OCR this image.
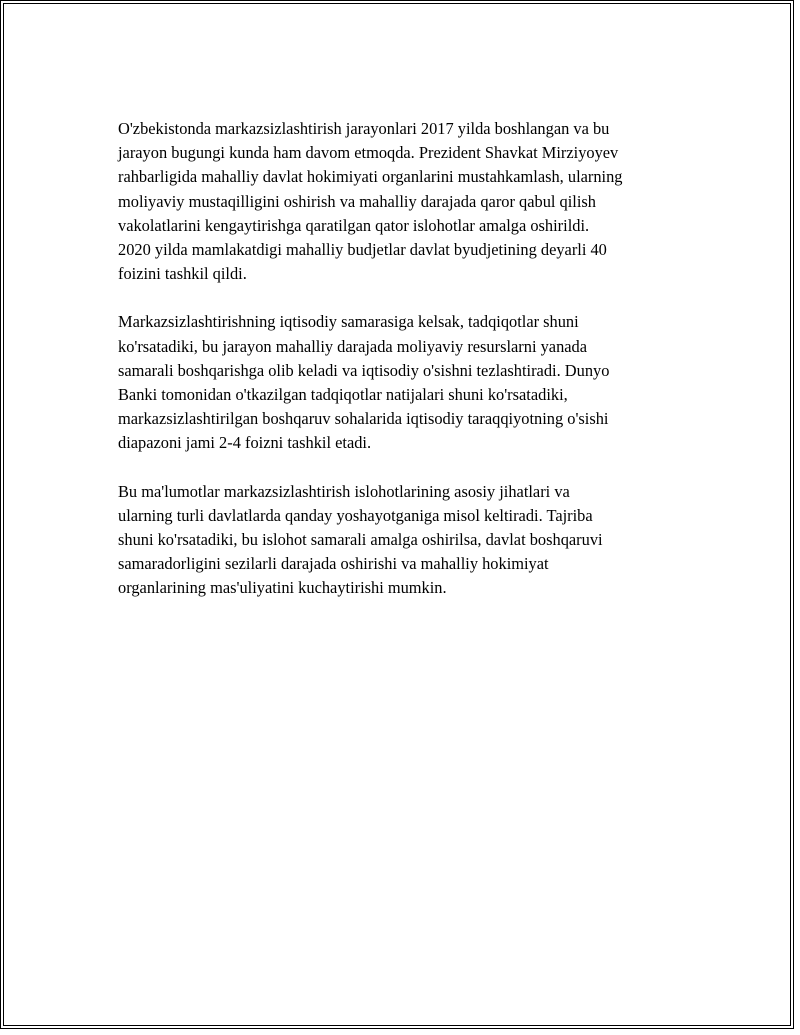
O'zbekistonda markazsizlashtirish jarayonlari 2017 yilda boshlangan va bu
jarayon bugungi kunda ham davom etmoqda. Prezident Shavkat Mirziyoyev
rahbarligida mahalliy davlat hokimiyati organlarini mustahkamlash, ularning
moliyaviy mustaqilligini oshirish va mahalliy darajada qaror qabul qilish
vakolatlarini kengaytirishga qaratilgan qator islohotlar amalga oshirildi.
2020 yilda mamlakatdigi mahalliy budjetlar davlat byudjetining deyarli 40
foizini tashkil qildi.

Markazsizlashtirishning iqtisodiy samarasiga kelsak, tadqiqotlar shuni
ko'rsatadiki, bu jarayon mahalliy darajada moliyaviy resurslarni yanada
samarali boshqarishga olib keladi va iqtisodiy o'sishni tezlashtiradi. Dunyo
Banki tomonidan o'tkazilgan tadqiqotlar natijalari shuni ko'rsatadiki,
markazsizlashtirilgan boshqaruv sohalarida iqtisodiy taraqqiyotning o'sishi
diapazoni jami 2-4 foizni tashkil etadi.

Bu ma'lumotlar markazsizlashtirish islohotlarining asosiy jihatlari va
ularning turli davlatlarda qanday yoshayotganiga misol keltiradi. Tajriba
shuni ko'rsatadiki, bu islohot samarali amalga oshirilsa, davlat boshqaruvi
samaradorligini sezilarli darajada oshirishi va mahalliy hokimiyat
organlarining mas'uliyatini kuchaytirishi mumkin.
